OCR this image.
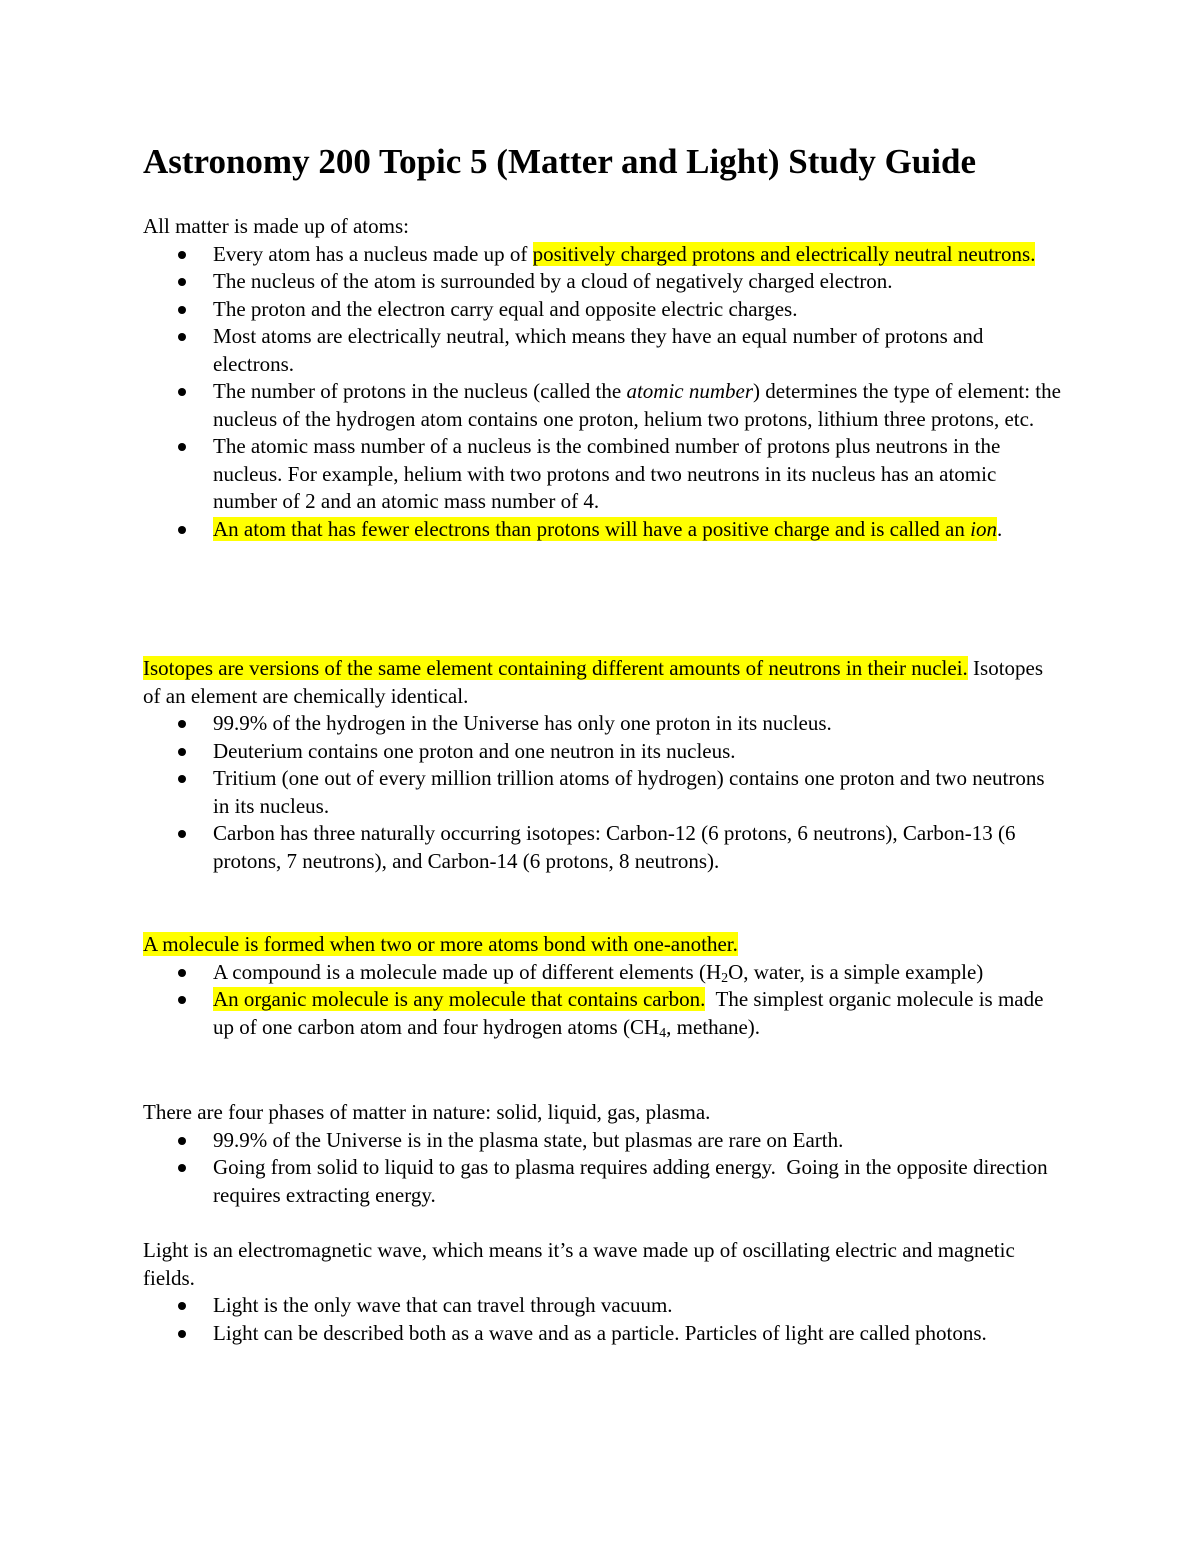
Astronomy 200 Topic 5 (Matter and Light) Study Guide

All matter is made up of atoms:

Every atom has a nucleus made up of positively charged protons and electrically neutral neutrons.
The nucleus of the atom is surrounded by a cloud of negatively charged electron.
The proton and the electron carry equal and opposite electric charges.
Most atoms are electrically neutral, which means they have an equal number of protons and electrons.
The number of protons in the nucleus (called the atomic number) determines the type of element: the nucleus of the hydrogen atom contains one proton, helium two protons, lithium three protons, etc.
The atomic mass number of a nucleus is the combined number of protons plus neutrons in the nucleus. For example, helium with two protons and two neutrons in its nucleus has an atomic number of 2 and an atomic mass number of 4.
An atom that has fewer electrons than protons will have a positive charge and is called an ion.

Isotopes are versions of the same element containing different amounts of neutrons in their nuclei. Isotopes of an element are chemically identical.

99.9% of the hydrogen in the Universe has only one proton in its nucleus.
Deuterium contains one proton and one neutron in its nucleus.
Tritium (one out of every million trillion atoms of hydrogen) contains one proton and two neutrons in its nucleus.
Carbon has three naturally occurring isotopes: Carbon-12 (6 protons, 6 neutrons), Carbon-13 (6 protons, 7 neutrons), and Carbon-14 (6 protons, 8 neutrons).

A molecule is formed when two or more atoms bond with one-another.

A compound is a molecule made up of different elements ($H_2O$, water, is a simple example)
An organic molecule is any molecule that contains carbon.  The simplest organic molecule is made up of one carbon atom and four hydrogen atoms ($CH_4$, methane).

There are four phases of matter in nature: solid, liquid, gas, plasma.

99.9% of the Universe is in the plasma state, but plasmas are rare on Earth.
Going from solid to liquid to gas to plasma requires adding energy.  Going in the opposite direction requires extracting energy.

Light is an electromagnetic wave, which means it’s a wave made up of oscillating electric and magnetic fields.

Light is the only wave that can travel through vacuum.
Light can be described both as a wave and as a particle. Particles of light are called photons.
